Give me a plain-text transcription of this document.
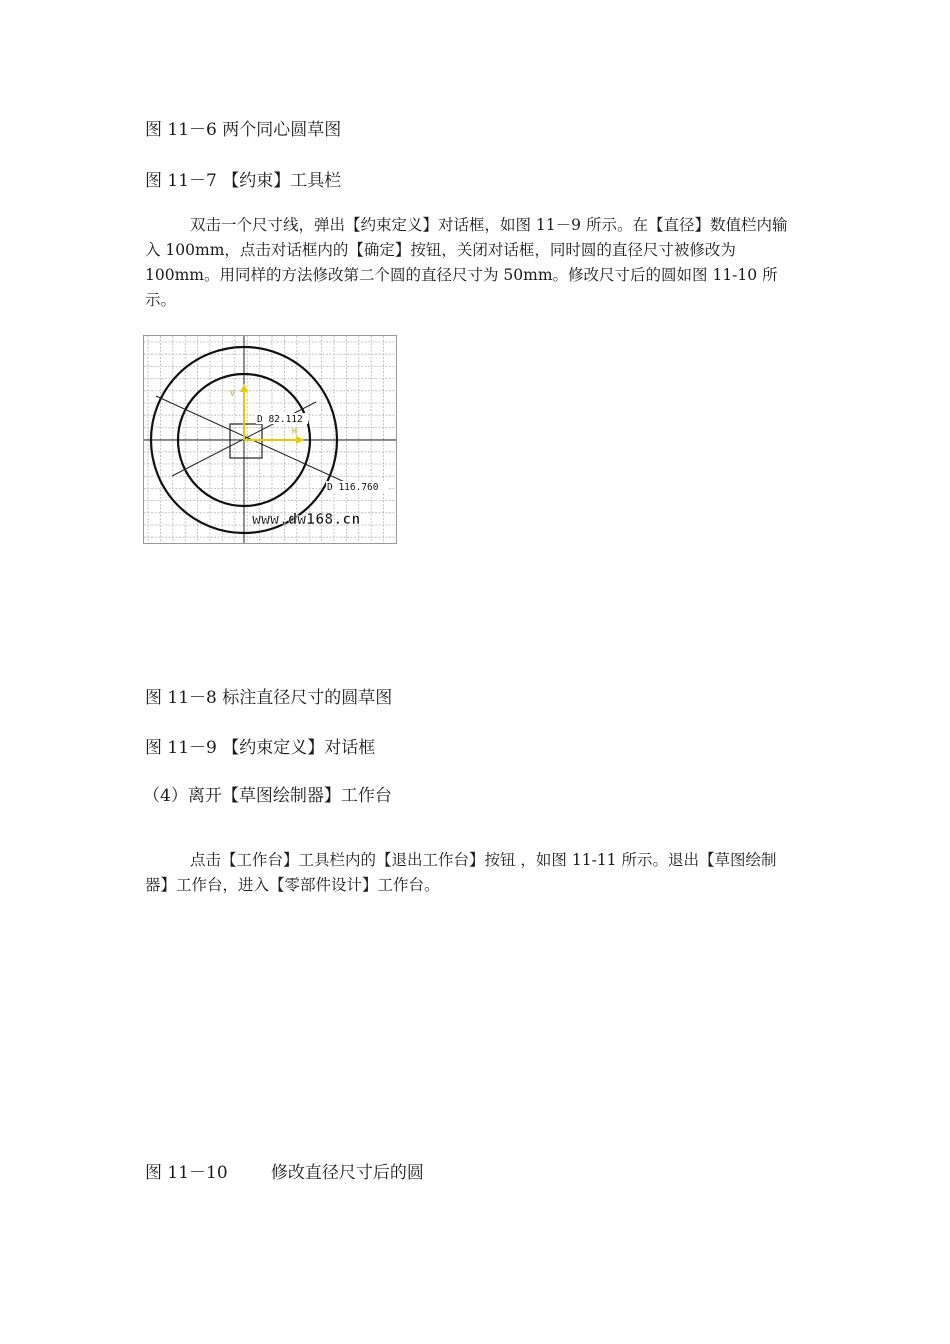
图 11－6 两个同心圆草图
图 11－7 【约束】工具栏
双击一个尺寸线，弹出【约束定义】对话框，如图 11－9 所示。在【直径】数值栏内输入 100mm，点击对话框内的【确定】按钮，关闭对话框，同时圆的直径尺寸被修改为 100mm。用同样的方法修改第二个圆的直径尺寸为 50mm。修改尺寸后的圆如图 11-10 所示。
V
H
D 82.112
D 116.760
www.dw168.cn
图 11－8 标注直径尺寸的圆草图
图 11－9 【约束定义】对话框
（4）离开【草图绘制器】工作台
点击【工作台】工具栏内的【退出工作台】按钮 ，如图 11-11 所示。退出【草图绘制器】工作台，进入【零部件设计】工作台。
图 11－10        修改直径尺寸后的圆
